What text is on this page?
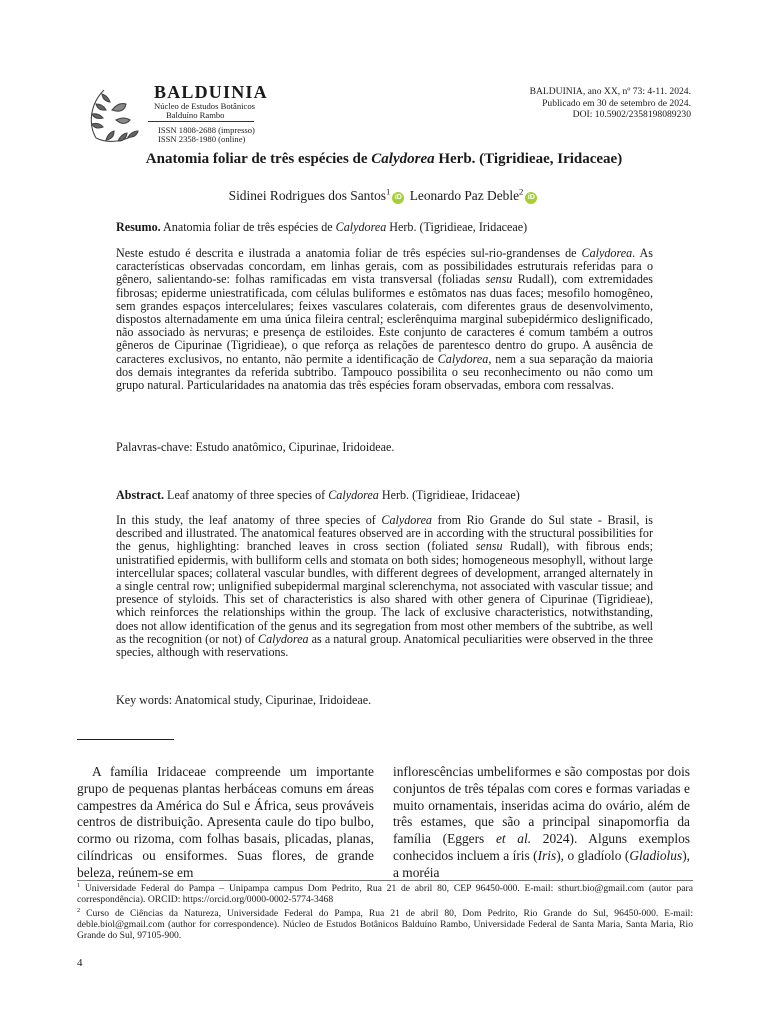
BALDUINIA
Núcleo de Estudos Botânicos
Balduíno Rambo
ISSN 1808-2688 (impresso)
ISSN 2358-1980 (online)
BALDUINIA, ano XX, nº 73: 4-11. 2024.
Publicado em 30 de setembro de 2024.
DOI: 10.5902/2358198089230
Anatomia foliar de três espécies de Calydorea Herb. (Tigridieae, Iridaceae)
Sidinei Rodrigues dos Santos$^1$iD Leonardo Paz Deble$^2$iD
Resumo. Anatomia foliar de três espécies de Calydorea Herb. (Tigridieae, Iridaceae)
Neste estudo é descrita e ilustrada a anatomia foliar de três espécies sul-rio-grandenses de Calydorea. As características observadas concordam, em linhas gerais, com as possibilidades estruturais referidas para o gênero, salientando-se: folhas ramificadas em vista transversal (foliadas sensu Rudall), com extremidades fibrosas; epiderme uniestratificada, com células buliformes e estômatos nas duas faces; mesofilo homogêneo, sem grandes espaços intercelulares; feixes vasculares colaterais, com diferentes graus de desenvolvimento, dispostos alternadamente em uma única fileira central; esclerênquima marginal subepidérmico deslignificado, não associado às nervuras; e presença de estiloides. Este conjunto de caracteres é comum também a outros gêneros de Cipurinae (Tigridieae), o que reforça as relações de parentesco dentro do grupo. A ausência de caracteres exclusivos, no entanto, não permite a identificação de Calydorea, nem a sua separação da maioria dos demais integrantes da referida subtribo. Tampouco possibilita o seu reconhecimento ou não como um grupo natural. Particularidades na anatomia das três espécies foram observadas, embora com ressalvas.
Palavras-chave: Estudo anatômico, Cipurinae, Iridoideae.
Abstract. Leaf anatomy of three species of Calydorea Herb. (Tigridieae, Iridaceae)
In this study, the leaf anatomy of three species of Calydorea from Rio Grande do Sul state - Brasil, is described and illustrated. The anatomical features observed are in according with the structural possibilities for the genus, highlighting: branched leaves in cross section (foliated sensu Rudall), with fibrous ends; unistratified epidermis, with bulliform cells and stomata on both sides; homogeneous mesophyll, without large intercellular spaces; collateral vascular bundles, with different degrees of development, arranged alternately in a single central row; unlignified subepidermal marginal sclerenchyma, not associated with vascular tissue; and presence of styloids. This set of characteristics is also shared with other genera of Cipurinae (Tigridieae), which reinforces the relationships within the group. The lack of exclusive characteristics, notwithstanding, does not allow identification of the genus and its segregation from most other members of the subtribe, as well as the recognition (or not) of Calydorea as a natural group. Anatomical peculiarities were observed in the three species, although with reservations.
Key words: Anatomical study, Cipurinae, Iridoideae.
A família Iridaceae compreende um importante grupo de pequenas plantas herbáceas comuns em áreas campestres da América do Sul e África, seus prováveis centros de distribuição. Apresenta caule do tipo bulbo, cormo ou rizoma, com folhas basais, plicadas, planas, cilíndricas ou ensiformes. Suas flores, de grande beleza, reúnem-se em
inflorescências umbeliformes e são compostas por dois conjuntos de três tépalas com cores e formas variadas e muito ornamentais, inseridas acima do ovário, além de três estames, que são a principal sinapomorfia da família (Eggers et al. 2024). Alguns exemplos conhecidos incluem a íris (Iris), o gladíolo (Gladiolus), a moréia
$^1$ Universidade Federal do Pampa – Unipampa campus Dom Pedrito, Rua 21 de abril 80, CEP 96450-000. E-mail: sthurt.bio@gmail.com (autor para correspondência). ORCID: https://orcid.org/0000-0002-5774-3468
$^2$ Curso de Ciências da Natureza, Universidade Federal do Pampa, Rua 21 de abril 80, Dom Pedrito, Rio Grande do Sul, 96450-000. E-mail: deble.biol@gmail.com (author for correspondence). Núcleo de Estudos Botânicos Balduíno Rambo, Universidade Federal de Santa Maria, Santa Maria, Rio Grande do Sul, 97105-900.
4
